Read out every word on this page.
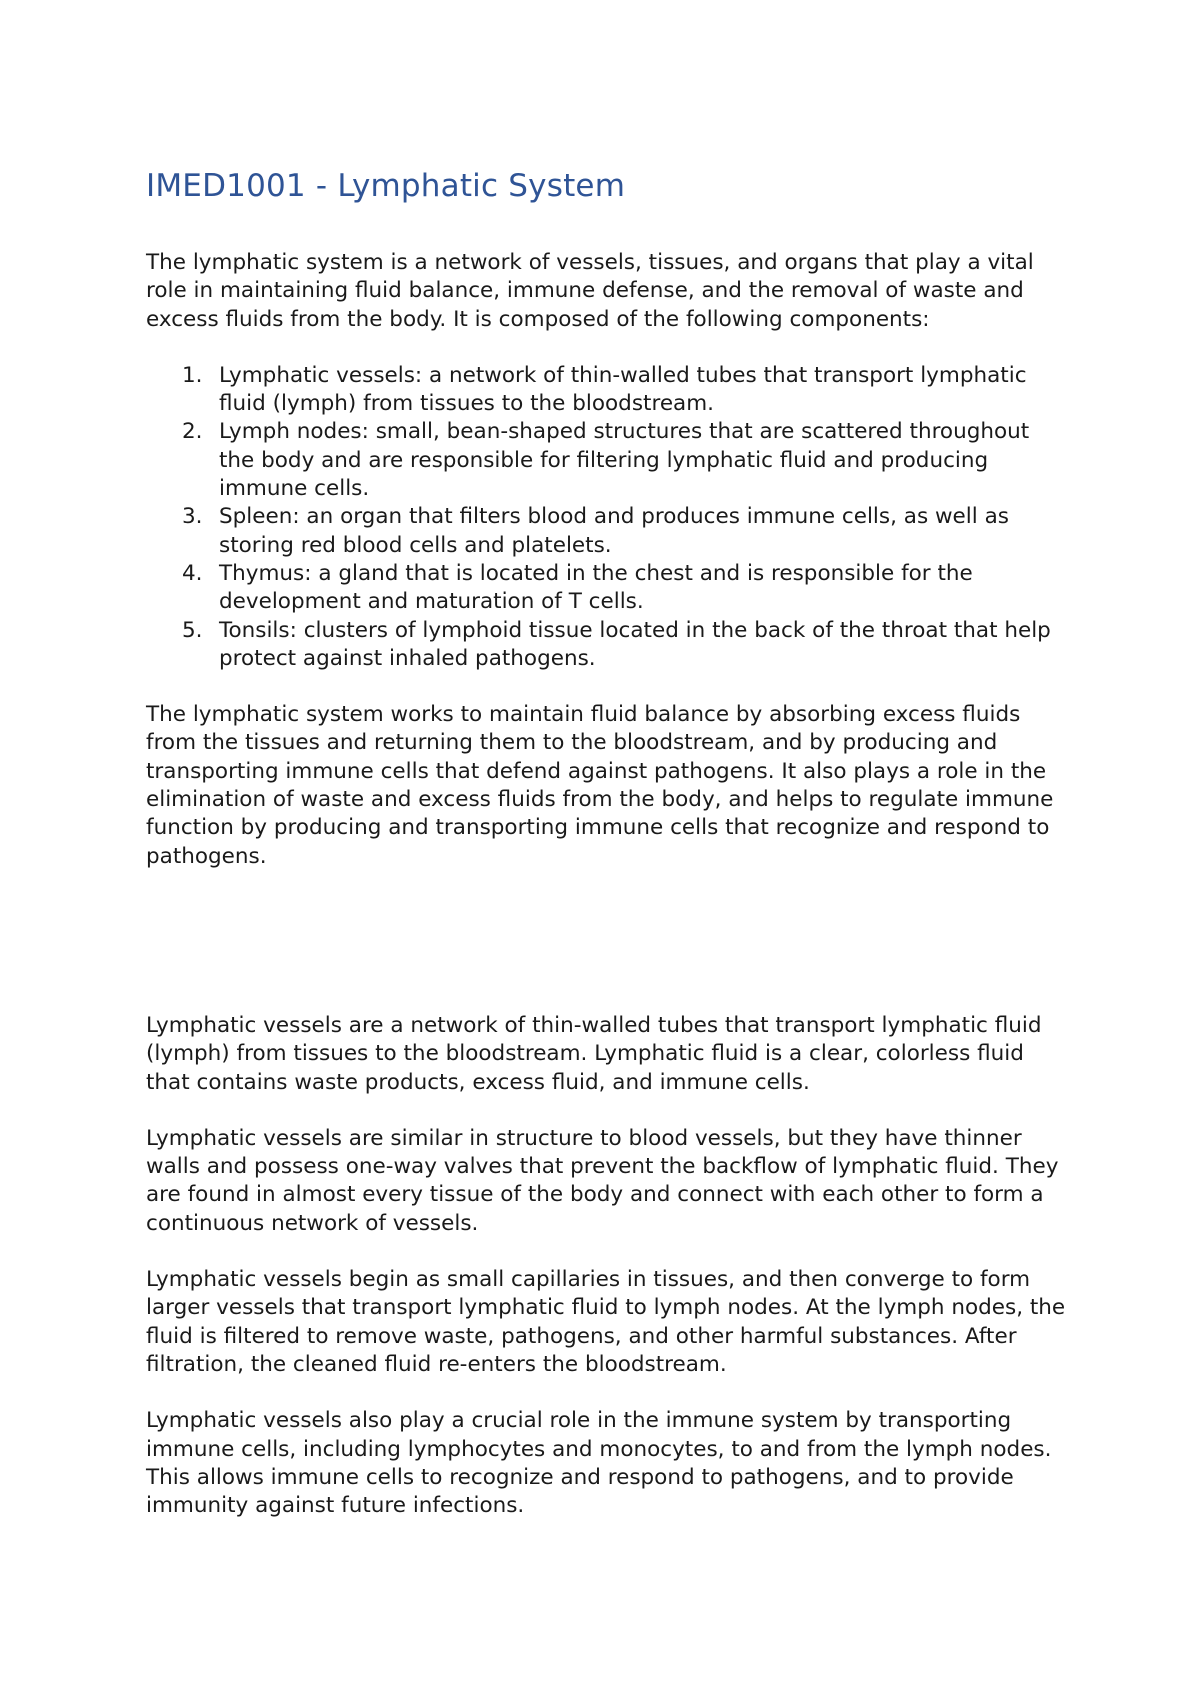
IMED1001 - Lymphatic System

The lymphatic system is a network of vessels, tissues, and organs that play a vital role in maintaining fluid balance, immune defense, and the removal of waste and excess fluids from the body. It is composed of the following components:

1. Lymphatic vessels: a network of thin-walled tubes that transport lymphatic fluid (lymph) from tissues to the bloodstream.
2. Lymph nodes: small, bean-shaped structures that are scattered throughout the body and are responsible for filtering lymphatic fluid and producing immune cells.
3. Spleen: an organ that filters blood and produces immune cells, as well as storing red blood cells and platelets.
4. Thymus: a gland that is located in the chest and is responsible for the development and maturation of T cells.
5. Tonsils: clusters of lymphoid tissue located in the back of the throat that help protect against inhaled pathogens.

The lymphatic system works to maintain fluid balance by absorbing excess fluids from the tissues and returning them to the bloodstream, and by producing and transporting immune cells that defend against pathogens. It also plays a role in the elimination of waste and excess fluids from the body, and helps to regulate immune function by producing and transporting immune cells that recognize and respond to pathogens.

Lymphatic vessels are a network of thin-walled tubes that transport lymphatic fluid (lymph) from tissues to the bloodstream. Lymphatic fluid is a clear, colorless fluid that contains waste products, excess fluid, and immune cells.

Lymphatic vessels are similar in structure to blood vessels, but they have thinner walls and possess one-way valves that prevent the backflow of lymphatic fluid. They are found in almost every tissue of the body and connect with each other to form a continuous network of vessels.

Lymphatic vessels begin as small capillaries in tissues, and then converge to form larger vessels that transport lymphatic fluid to lymph nodes. At the lymph nodes, the fluid is filtered to remove waste, pathogens, and other harmful substances. After filtration, the cleaned fluid re-enters the bloodstream.

Lymphatic vessels also play a crucial role in the immune system by transporting immune cells, including lymphocytes and monocytes, to and from the lymph nodes. This allows immune cells to recognize and respond to pathogens, and to provide immunity against future infections.
